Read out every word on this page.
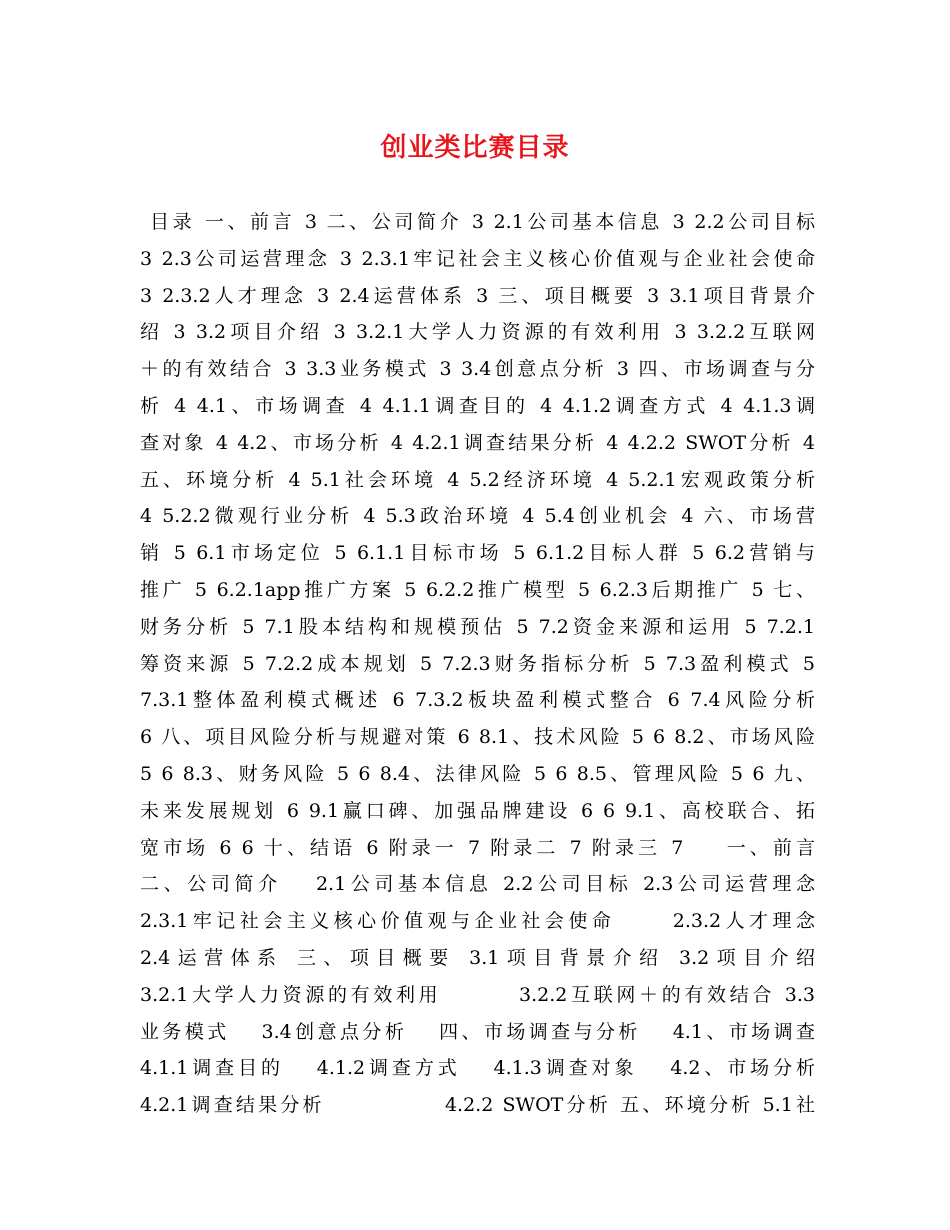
创业类比赛目录
目录 一、前言 3 二、公司简介 3 2.1公司基本信息 3 2.2公司目标
3 2.3公司运营理念 3 2.3.1牢记社会主义核心价值观与企业社会使命
3 2.3.2人才理念 3 2.4运营体系 3 三、项目概要 3 3.1项目背景介
绍 3 3.2项目介绍 3 3.2.1大学人力资源的有效利用 3 3.2.2互联网
＋的有效结合 3 3.3业务模式 3 3.4创意点分析 3 四、市场调查与分
析 4 4.1、市场调查 4 4.1.1调查目的 4 4.1.2调查方式 4 4.1.3调
查对象 4 4.2、市场分析 4 4.2.1调查结果分析 4 4.2.2 SWOT分析 4
五、环境分析 4 5.1社会环境 4 5.2经济环境 4 5.2.1宏观政策分析
4 5.2.2微观行业分析 4 5.3政治环境 4 5.4创业机会 4 六、市场营
销 5 6.1市场定位 5 6.1.1目标市场 5 6.1.2目标人群 5 6.2营销与
推广 5 6.2.1app推广方案 5 6.2.2推广模型 5 6.2.3后期推广 5 七、
财务分析 5 7.1股本结构和规模预估 5 7.2资金来源和运用 5 7.2.1
筹资来源 5 7.2.2成本规划 5 7.2.3财务指标分析 5 7.3盈利模式 5
7.3.1整体盈利模式概述 6 7.3.2板块盈利模式整合 6 7.4风险分析
6 八、项目风险分析与规避对策 6 8.1、技术风险 5 6 8.2、市场风险
5 6 8.3、财务风险 5 6 8.4、法律风险 5 6 8.5、管理风险 5 6 九、
未来发展规划 6 9.1赢口碑、加强品牌建设 6 6 9.1、高校联合、拓
宽市场 6 6 十、结语 6 附录一 7 附录二 7 附录三 7 　 一、前言
二、公司简介　 2.1公司基本信息 2.2公司目标 2.3公司运营理念
2.3.1牢记社会主义核心价值观与企业社会使命　　 2.3.2人才理念
2.4运营体系 三、项目概要 3.1项目背景介绍 3.2项目介绍
3.2.1大学人力资源的有效利用　　　 3.2.2互联网＋的有效结合 3.3
业务模式　 3.4创意点分析　 四、市场调查与分析　 4.1、市场调查
4.1.1调查目的　 4.1.2调查方式　 4.1.3调查对象　 4.2、市场分析
4.2.1调查结果分析　　　　　 4.2.2 SWOT分析 五、环境分析 5.1社
